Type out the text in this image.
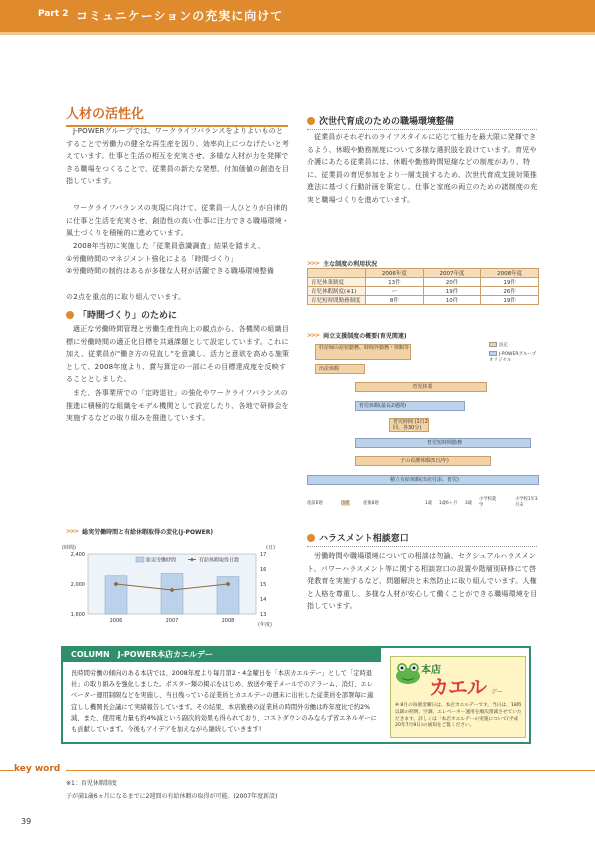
Part 2 コミュニケーションの充実に向けて
人材の活性化
J-POWERグループでは、ワークライフバランスをよりよいものとすることで労働力の健全な再生産を図り、効率向上につなげたいと考えています。仕事と生活の相互を充実させ、多様な人材が力を発揮できる職場をつくることで、従業員の新たな発想、付加価値の創造を目指しています。
ワークライフバランスの実現に向けて、従業員一人ひとりが自律的に仕事と生活を充実させ、創造性の高い仕事に注力できる職場環境・風土づくりを積極的に進めています。
2008年当初に実施した「従業員意識調査」結果を踏まえ、
①労働時間のマネジメント強化による「時間づくり」
②労働時間の制約はあるが多様な人材が活躍できる職場環境整備
の2点を重点的に取り組んでいます。
「時間づくり」のために
適正な労働時間管理と労働生産性向上の観点から、各機関の組織目標に労働時間の適正化目標を共通課題として設定しています。これに加え、従業員が"働き方の見直し"を意識し、活力と意欲を高める施策として、2008年度より、賞与算定の一部にその目標達成度を反映することとしました。
また、各事業所での「定時退社」の強化やワークライフバランスの推進に積極的な組織をモデル機関として設定したり、各地で研修会を実施するなどの取り組みを推進しています。
>>> 総実労働時間と有給休暇取得の変化(J-POWER)
1,600
2,000
2,400
13
14
15
16
17
(時間)	(日)
(年度)
総実労働時間	有給休暇取得日数
2006	2007	2008
次世代育成のための職場環境整備
従業員がそれぞれのライフスタイルに応じて能力を最大限に発揮できるよう、休暇や勤務制度について多様な選択肢を設けています。育児や介護にあたる従業員には、休暇や勤務時間短縮などの制度があり、特に、従業員の育児参加をより一層支援するため、次世代育成支援対策推進法に基づく行動計画を策定し、仕事と家庭の両立のための諸制度の充実と職場づくりを進めています。
>>> 主な制度の利用状況
	2006年度	2007年度	2008年度
育児休業制度	13件	20件	19件
育児休暇制度(※1)	ー	19件	26件
育児短時間勤務制度	8件	10件	19件
>>> 両立支援制度の概要(育児関連)
法定
J-POWERグループ オリジナル
妊産婦の症状勤務、時間外勤務・休暇等
出産休暇
育児休業
育児休暇(最長2週間)
育児時間 (1日2回、各30分)
育児短時間勤務
子の看護休暇(5日/年)
積立有給休暇(出産付添、育児)
産前6週	出産	産後8週	1歳 1歳6ヶ月 3歳
小学校就学
小学校1年3月末
ハラスメント相談窓口
労働時間や職場環境についての相談は勿論、セクシュアルハラスメント、パワーハラスメント等に関する相談窓口の設置や階層別研修にて啓発教育を実施するなど、問題解決と未然防止に取り組んでいます。人権と人格を尊重し、多様な人材が安心して働くことができる職場環境を目指しています。
COLUMN　J-POWER本店カエルデー
長時間労働の傾向のある本店では、2008年度より毎月第2・4金曜日を「本店カエルデー」として「定時退社」の取り組みを強化しました。ポスター類の掲示をはじめ、放送や電子メールでのアラーム、消灯、エレベーター運用制限などを実施し、当日残っている従業員とカエルデーの週末に出社した従業員を部署毎に適宜しし機関長会議にて実績報告しています。その結果、本店勤務の従業員の時間外労働は昨年度比で約2%減、また、使用電力量も約4%減という副次的効果も得られており、コストダウンのみならず省エネルギーにも貢献しています。今後もアイデアを加えながら継続していきます!
本店
カエル デー
※ 8月の毎週金曜日は、本店カエルデーです。当日は、18時以降の照明、空調、エレベーター運用を順次削減させていただきます。詳しくは「本店カエルデーの実施について(平成20年7月9日)の通知をご覧ください。
key word
※1：育児休暇制度
子が満1歳6ヵ月になるまでに2週間の有給休暇の取得が可能。(2007年度新設)
39
